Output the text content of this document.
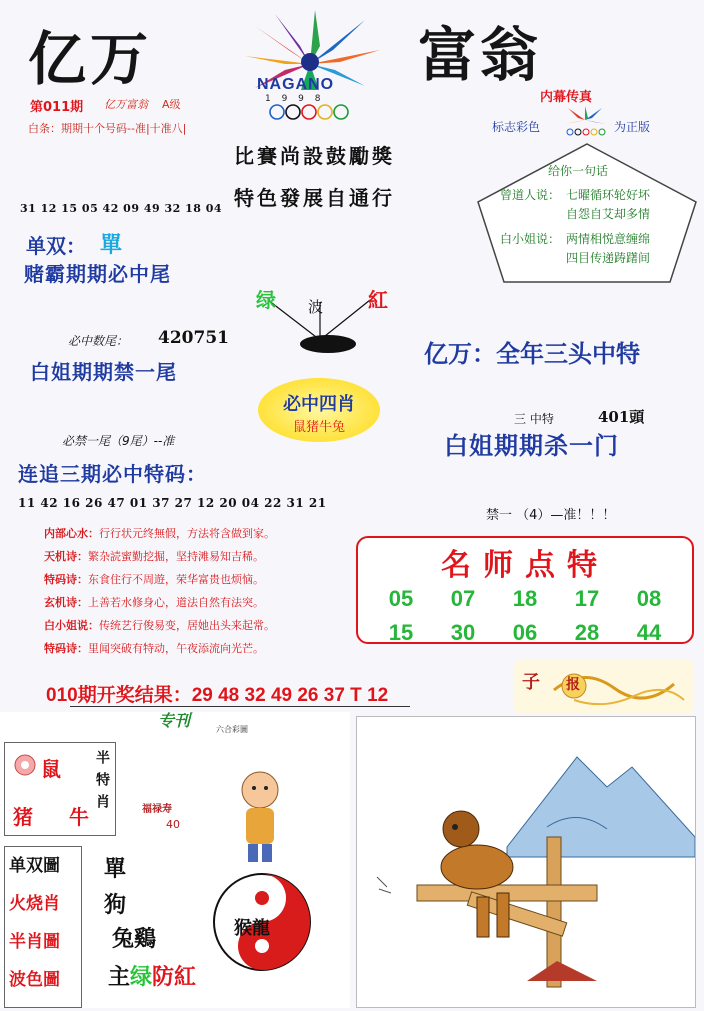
亿万	富翁
NAGANO
1 9 9 8
第011期 亿万富翁 A级
白条：期期十个号码--准|十准八|
比賽尚設鼓勵獎
特色發展自通行
内幕传真
标志彩色	为正版
给你一句话
曾道人说： 七曜循环轮好坏
自怨自艾却多情
白小姐说： 两情相悦意缠绵
四目传递踌躇间
31 12 15 05 42 09 49 32 18 04
单双： 單
赌霸期期必中尾
绿 波 紅
必中数尾： 420751
白姐期期禁一尾
亿万：全年三头中特
必中四肖
鼠猪牛兔
三 中特	401頭
白姐期期杀一门
必禁一尾（9尾）--准
连追三期必中特码：
11 42 16 26 47 01 37 27 12 20 04 22 31 21
禁一 （4）—准！！！
内部心水：行行状元终無假，方法将含做到家。
天机诗：繁杂読蜜勤挖掘，坚持滩易知吉稀。
特码诗：东食住行不周遊，荣华富贵也烦恼。
玄机诗：上善若水修身心，道法自然有法突。
白小姐说：传统艺行俊易变，居她出头来起常。
特码诗：里闻突破有特动，午夜添流向光芒。
名师点特
05	07	18	17	08
15	30	06	28	44
010期开奖结果：29 48 32 49 26 37 T 12
子 报
专刊	六合彩圖
鼠
猪 牛
半特肖	福禄寿
40
单双圖
火烧肖
半肖圖
波色圖
單
狗
兔鷄	猴龍
主绿防紅
